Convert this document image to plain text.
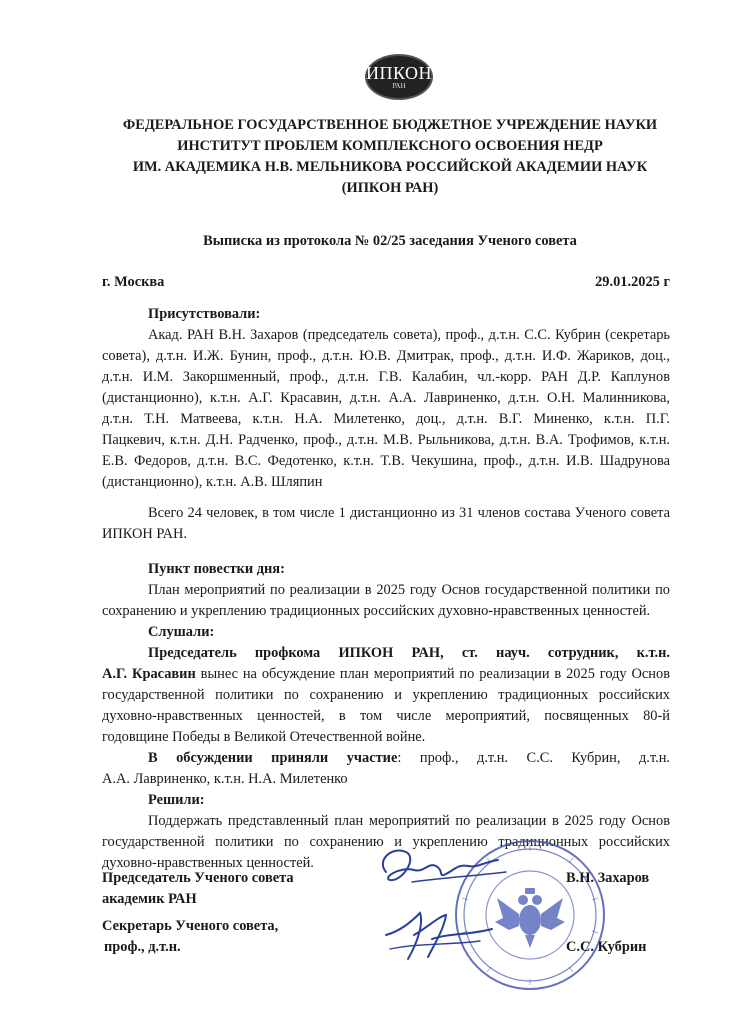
ИПКОН
РАН
ФЕДЕРАЛЬНОЕ ГОСУДАРСТВЕННОЕ БЮДЖЕТНОЕ УЧРЕЖДЕНИЕ НАУКИ
ИНСТИТУТ ПРОБЛЕМ КОМПЛЕКСНОГО ОСВОЕНИЯ НЕДР
ИМ. АКАДЕМИКА Н.В. МЕЛЬНИКОВА РОССИЙСКОЙ АКАДЕМИИ НАУК
(ИПКОН РАН)
Выписка из протокола № 02/25 заседания Ученого совета
г. Москва	29.01.2025 г
Присутствовали:
Акад. РАН В.Н. Захаров (председатель совета), проф., д.т.н. С.С. Кубрин (секретарь
совета), д.т.н. И.Ж. Бунин, проф., д.т.н. Ю.В. Дмитрак, проф., д.т.н. И.Ф. Жариков, доц.,
д.т.н. И.М. Закоршменный, проф., д.т.н. Г.В. Калабин, чл.-корр. РАН Д.Р. Каплунов
(дистанционно), к.т.н. А.Г. Красавин, д.т.н. А.А. Лавриненко, д.т.н. О.Н. Малинникова,
д.т.н. Т.Н. Матвеева, к.т.н. Н.А. Милетенко, доц., д.т.н. В.Г. Миненко, к.т.н. П.Г.
Пацкевич, к.т.н. Д.Н. Радченко, проф., д.т.н. М.В. Рыльникова, д.т.н. В.А. Трофимов, к.т.н.
Е.В. Федоров, д.т.н. В.С. Федотенко, к.т.н. Т.В. Чекушина, проф., д.т.н. И.В. Шадрунова
(дистанционно), к.т.н. А.В. Шляпин
Всего 24 человек, в том числе 1 дистанционно из 31 членов состава Ученого совета
ИПКОН РАН.
Пункт повестки дня:
План мероприятий по реализации в 2025 году Основ государственной политики по
сохранению и укреплению традиционных российских духовно-нравственных ценностей.
Слушали:
Председатель профкома ИПКОН РАН, ст. науч. сотрудник, к.т.н.
А.Г. Красавин вынес на обсуждение план мероприятий по реализации в 2025 году Основ
государственной политики по сохранению и укреплению традиционных российских
духовно-нравственных ценностей, в том числе мероприятий, посвященных 80-й
годовщине Победы в Великой Отечественной войне.
В обсуждении приняли участие: проф., д.т.н. С.С. Кубрин, д.т.н.
А.А. Лавриненко, к.т.н. Н.А. Милетенко
Решили:
Поддержать представленный план мероприятий по реализации в 2025 году Основ
государственной политики по сохранению и укреплению традиционных российских
духовно-нравственных ценностей.
Председатель Ученого совета
академик РАН
В.Н. Захаров
Секретарь Ученого совета,
проф., д.т.н.	С.С. Кубрин
